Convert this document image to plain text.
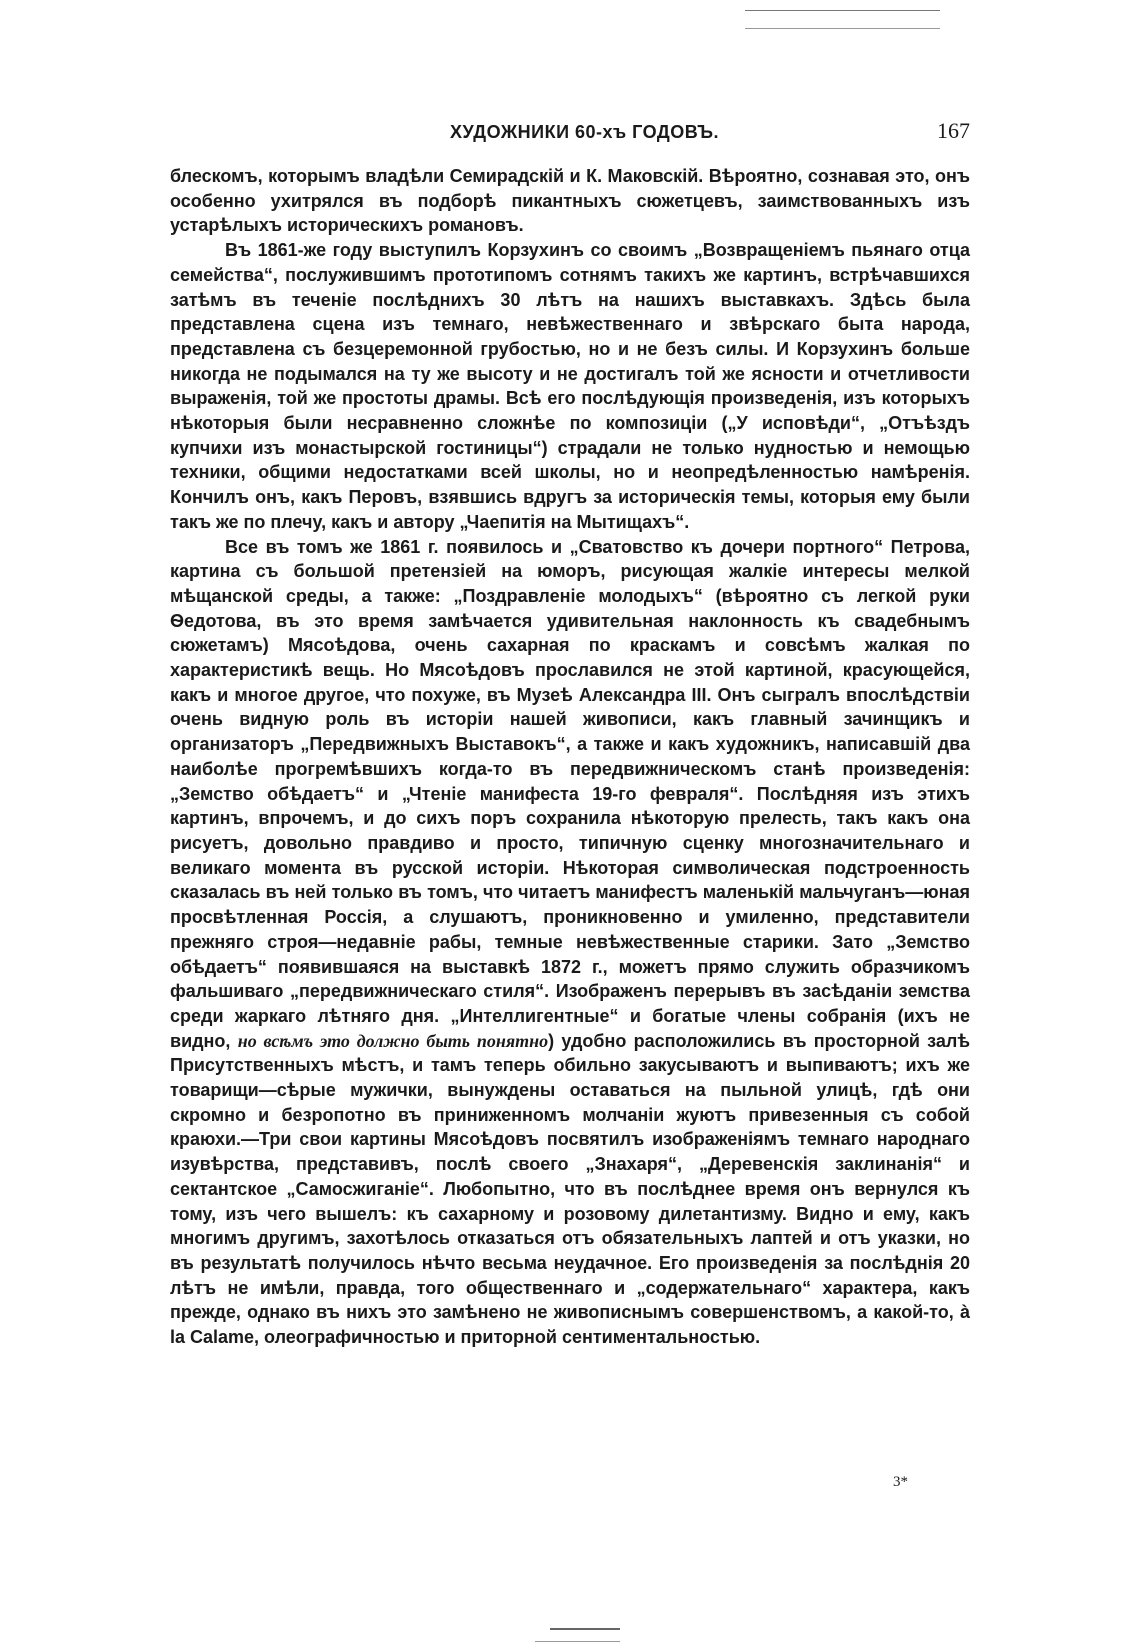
ХУДОЖНИКИ 60-хъ ГОДОВЪ.	167

блескомъ, которымъ владѣли Семирадскій и К. Маковскій. Вѣроятно, сознавая это, онъ особенно ухитрялся въ подборѣ пикантныхъ сюжетцевъ, заимствованныхъ изъ устарѣлыхъ историческихъ романовъ.

Въ 1861-же году выступилъ Корзухинъ со своимъ „Возвращеніемъ пьянаго отца семейства“, послужившимъ прототипомъ сотнямъ такихъ же картинъ, встрѣчавшихся затѣмъ въ теченіе послѣднихъ 30 лѣтъ на нашихъ выставкахъ. Здѣсь была представлена сцена изъ темнаго, невѣжественнаго и звѣрскаго быта народа, представлена съ безцеремонной грубостью, но и не безъ силы. И Корзухинъ больше никогда не подымался на ту же высоту и не достигалъ той же ясности и отчетливости выраженія, той же простоты драмы. Всѣ его послѣдующія произведенія, изъ которыхъ нѣкоторыя были несравненно сложнѣе по композиціи („У исповѣди“, „Отъѣздъ купчихи изъ монастырской гостиницы“) страдали не только нудностью и немощью техники, общими недостатками всей школы, но и неопредѣленностью намѣренія. Кончилъ онъ, какъ Перовъ, взявшись вдругъ за историческія темы, которыя ему были такъ же по плечу, какъ и автору „Чаепитія на Мытищахъ“.

Все въ томъ же 1861 г. появилось и „Сватовство къ дочери портного“ Петрова, картина съ большой претензіей на юморъ, рисующая жалкіе интересы мелкой мѣщанской среды, а также: „Поздравленіе молодыхъ“ (вѣроятно съ легкой руки Ѳедотова, въ это время замѣчается удивительная наклонность къ свадебнымъ сюжетамъ) Мясоѣдова, очень сахарная по краскамъ и совсѣмъ жалкая по характеристикѣ вещь. Но Мясоѣдовъ прославился не этой картиной, красующейся, какъ и многое другое, что похуже, въ Музеѣ Александра III. Онъ сыгралъ впослѣдствіи очень видную роль въ исторіи нашей живописи, какъ главный зачинщикъ и организаторъ „Передвижныхъ Выставокъ“, а также и какъ художникъ, написавшій два наиболѣе прогремѣвшихъ когда-то въ передвижническомъ станѣ произведенія: „Земство обѣдаетъ“ и „Чтеніе манифеста 19-го февраля“. Послѣдняя изъ этихъ картинъ, впрочемъ, и до сихъ поръ сохранила нѣкоторую прелесть, такъ какъ она рисуетъ, довольно правдиво и просто, типичную сценку многозначительнаго и великаго момента въ русской исторіи. Нѣкоторая символическая подстроенность сказалась въ ней только въ томъ, что читаетъ манифестъ маленькій мальчуганъ—юная просвѣтленная Россія, а слушаютъ, проникновенно и умиленно, представители прежняго строя—недавніе рабы, темные невѣжественные старики. Зато „Земство обѣдаетъ“ появившаяся на выставкѣ 1872 г., можетъ прямо служить образчикомъ фальшиваго „передвижническаго стиля“. Изображенъ перерывъ въ засѣданіи земства среди жаркаго лѣтняго дня. „Интеллигентные“ и богатые члены собранія (ихъ не видно, но всѣмъ это должно быть понятно) удобно расположились въ просторной залѣ Присутственныхъ мѣстъ, и тамъ теперь обильно закусываютъ и выпиваютъ; ихъ же товарищи—сѣрые мужички, вынуждены оставаться на пыльной улицѣ, гдѣ они скромно и безропотно въ приниженномъ молчаніи жуютъ привезенныя съ собой краюхи.—Три свои картины Мясоѣдовъ посвятилъ изображеніямъ темнаго народнаго изувѣрства, представивъ, послѣ своего „Знахаря“, „Деревенскія заклинанія“ и сектантское „Самосжиганіе“. Любопытно, что въ послѣднее время онъ вернулся къ тому, изъ чего вышелъ: къ сахарному и розовому дилетантизму. Видно и ему, какъ многимъ другимъ, захотѣлось отказаться отъ обязательныхъ лаптей и отъ указки, но въ результатѣ получилось нѣчто весьма неудачное. Его произведенія за послѣднія 20 лѣтъ не имѣли, правда, того общественнаго и „содержательнаго“ характера, какъ прежде, однако въ нихъ это замѣнено не живописнымъ совершенствомъ, а какой-то, à la Calame, олеографичностью и приторной сентиментальностью.

3*
